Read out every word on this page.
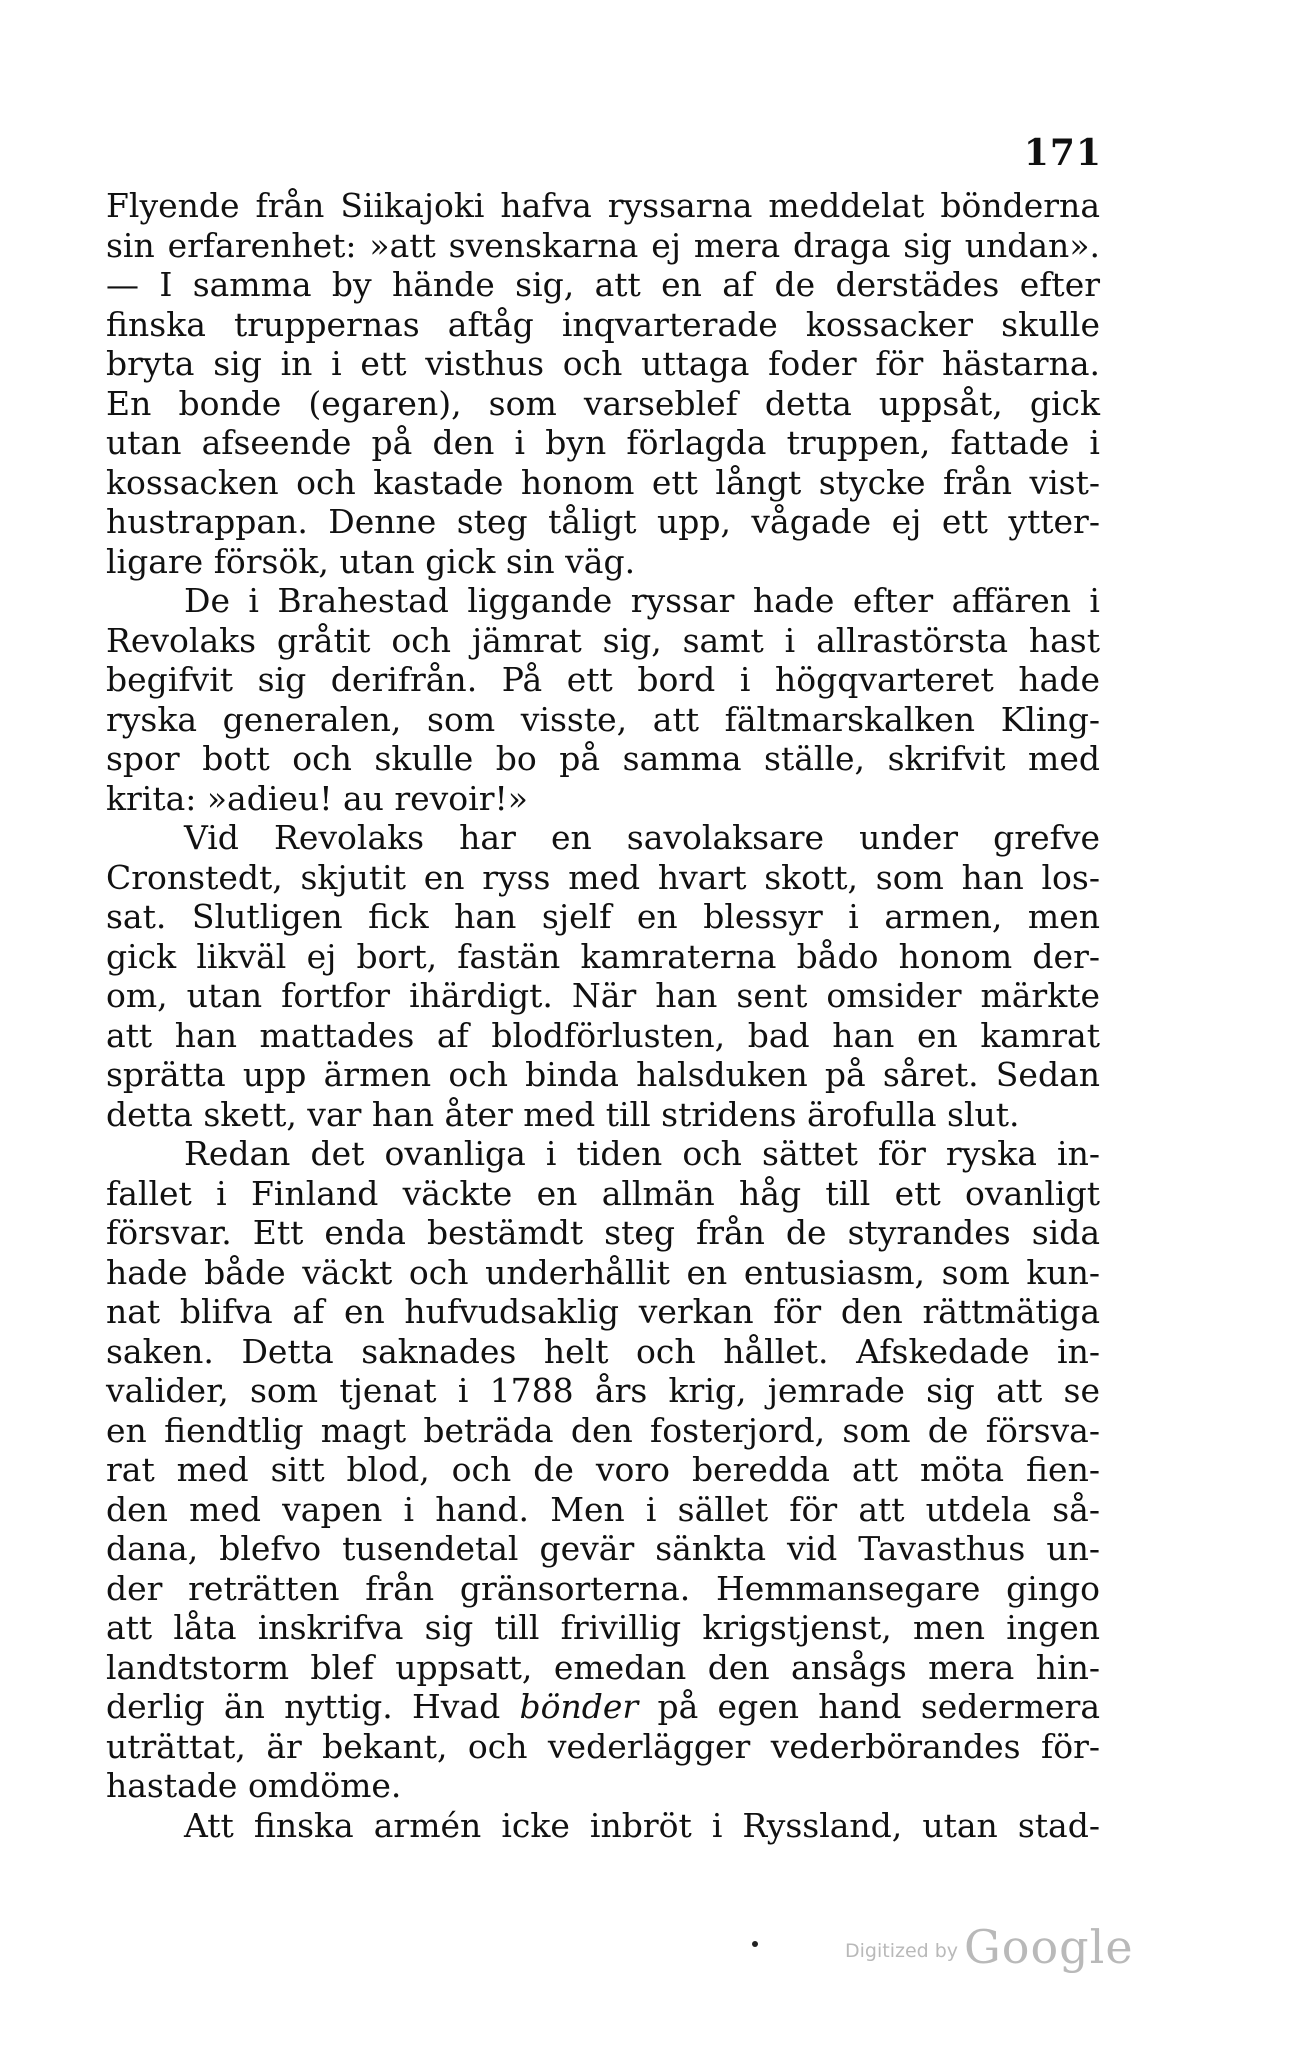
171
Flyende från Siikajoki hafva ryssarna meddelat bönderna
sin erfarenhet: »att svenskarna ej mera draga sig undan».
— I samma by hände sig, att en af de derstädes efter
finska truppernas aftåg inqvarterade kossacker skulle
bryta sig in i ett visthus och uttaga foder för hästarna.
En bonde (egaren), som varseblef detta uppsåt, gick
utan afseende på den i byn förlagda truppen, fattade i
kossacken och kastade honom ett långt stycke från vist-
hustrappan. Denne steg tåligt upp, vågade ej ett ytter-
ligare försök, utan gick sin väg.
De i Brahestad liggande ryssar hade efter affären i
Revolaks gråtit och jämrat sig, samt i allrastörsta hast
begifvit sig derifrån. På ett bord i högqvarteret hade
ryska generalen, som visste, att fältmarskalken Kling-
spor bott och skulle bo på samma ställe, skrifvit med
krita: »adieu! au revoir!»
Vid Revolaks har en savolaksare under grefve
Cronstedt, skjutit en ryss med hvart skott, som han los-
sat. Slutligen fick han sjelf en blessyr i armen, men
gick likväl ej bort, fastän kamraterna bådo honom der-
om, utan fortfor ihärdigt. När han sent omsider märkte
att han mattades af blodförlusten, bad han en kamrat
sprätta upp ärmen och binda halsduken på såret. Sedan
detta skett, var han åter med till stridens ärofulla slut.
Redan det ovanliga i tiden och sättet för ryska in-
fallet i Finland väckte en allmän håg till ett ovanligt
försvar. Ett enda bestämdt steg från de styrandes sida
hade både väckt och underhållit en entusiasm, som kun-
nat blifva af en hufvudsaklig verkan för den rättmätiga
saken. Detta saknades helt och hållet. Afskedade in-
valider, som tjenat i 1788 års krig, jemrade sig att se
en fiendtlig magt beträda den fosterjord, som de försva-
rat med sitt blod, och de voro beredda att möta fien-
den med vapen i hand. Men i sället för att utdela så-
dana, blefvo tusendetal gevär sänkta vid Tavasthus un-
der reträtten från gränsorterna. Hemmansegare gingo
att låta inskrifva sig till frivillig krigstjenst, men ingen
landtstorm blef uppsatt, emedan den ansågs mera hin-
derlig än nyttig. Hvad bönder på egen hand sedermera
uträttat, är bekant, och vederlägger vederbörandes för-
hastade omdöme.
Att finska armén icke inbröt i Ryssland, utan stad-
Digitized by Google
